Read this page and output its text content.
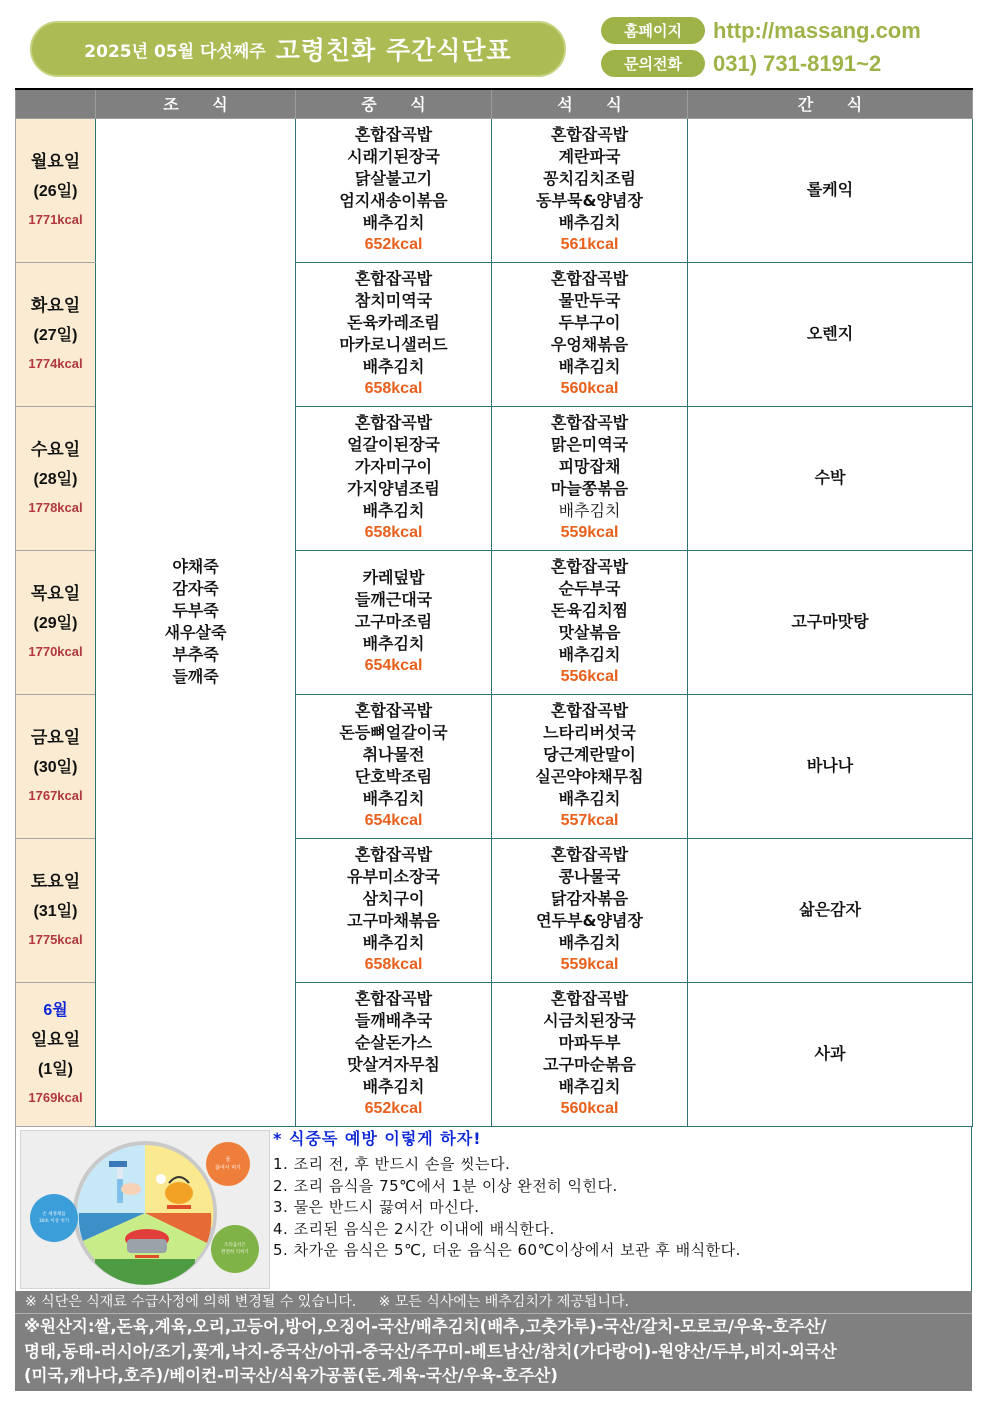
2025년 05월 다섯째주 고령친화 주간식단표
홈페이지	http://massang.com
문의전화	031) 731-8191~2
	조 식	중 식	석 식	간 식

월요일
(26일)
1771kcal

야채죽
감자죽
두부죽
새우살죽
부추죽
들깨죽

혼합잡곡밥
시래기된장국
닭살불고기
엄지새송이볶음
배추김치
652kcal

혼합잡곡밥
계란파국
꽁치김치조림
동부묵&양념장
배추김치
561kcal
	롤케익

화요일
(27일)
1774kcal

혼합잡곡밥
참치미역국
돈육카레조림
마카로니샐러드
배추김치
658kcal

혼합잡곡밥
물만두국
두부구이
우엉채볶음
배추김치
560kcal
	오렌지

수요일
(28일)
1778kcal

혼합잡곡밥
얼갈이된장국
가자미구이
가지양념조림
배추김치
658kcal

혼합잡곡밥
맑은미역국
피망잡채
마늘쫑볶음
배추김치
559kcal
	수박

목요일
(29일)
1770kcal

카레덮밥
들깨근대국
고구마조림
배추김치
654kcal

혼합잡곡밥
순두부국
돈육김치찜
맛살볶음
배추김치
556kcal
	고구마맛탕

금요일
(30일)
1767kcal

혼합잡곡밥
돈등뼈얼갈이국
취나물전
단호박조림
배추김치
654kcal

혼합잡곡밥
느타리버섯국
당근계란말이
실곤약야채무침
배추김치
557kcal
	바나나

토요일
(31일)
1775kcal

혼합잡곡밥
유부미소장국
삼치구이
고구마채볶음
배추김치
658kcal

혼합잡곡밥
콩나물국
닭감자볶음
연두부&양념장
배추김치
559kcal
	삶은감자

6월
일요일
(1일)
1769kcal

혼합잡곡밥
들깨배추국
순살돈가스
맛살겨자무침
배추김치
652kcal

혼합잡곡밥
시금치된장국
마파두부
고구마순볶음
배추김치
560kcal
	사과
물
끓여서 먹기
손 세정제를
30초 이상 씻기
조리음식은
완전히 익히기
* 식중독 예방 이렇게 하자!
1. 조리 전, 후 반드시 손을 씻는다.
2. 조리 음식을 75℃에서 1분 이상 완전히 익힌다.
3. 물은 반드시 끓여서 마신다.
4. 조리된 음식은 2시간 이내에 배식한다.
5. 차가운 음식은 5℃, 더운 음식은 60℃이상에서 보관 후 배식한다.
※ 식단은 식재료 수급사정에 의해 변경될 수 있습니다.     ※ 모든 식사에는 배추김치가 제공됩니다.
※원산지:쌀,돈육,계육,오리,고등어,방어,오징어-국산/배추김치(배추,고춧가루)-국산/갈치-모로코/우육-호주산/
명태,동태-러시아/조기,꽃게,낙지-중국산/아귀-중국산/주꾸미-베트남산/참치(가다랑어)-원양산/두부,비지-외국산
(미국,캐나다,호주)/베이컨-미국산/식육가공품(돈.계육-국산/우육-호주산)
